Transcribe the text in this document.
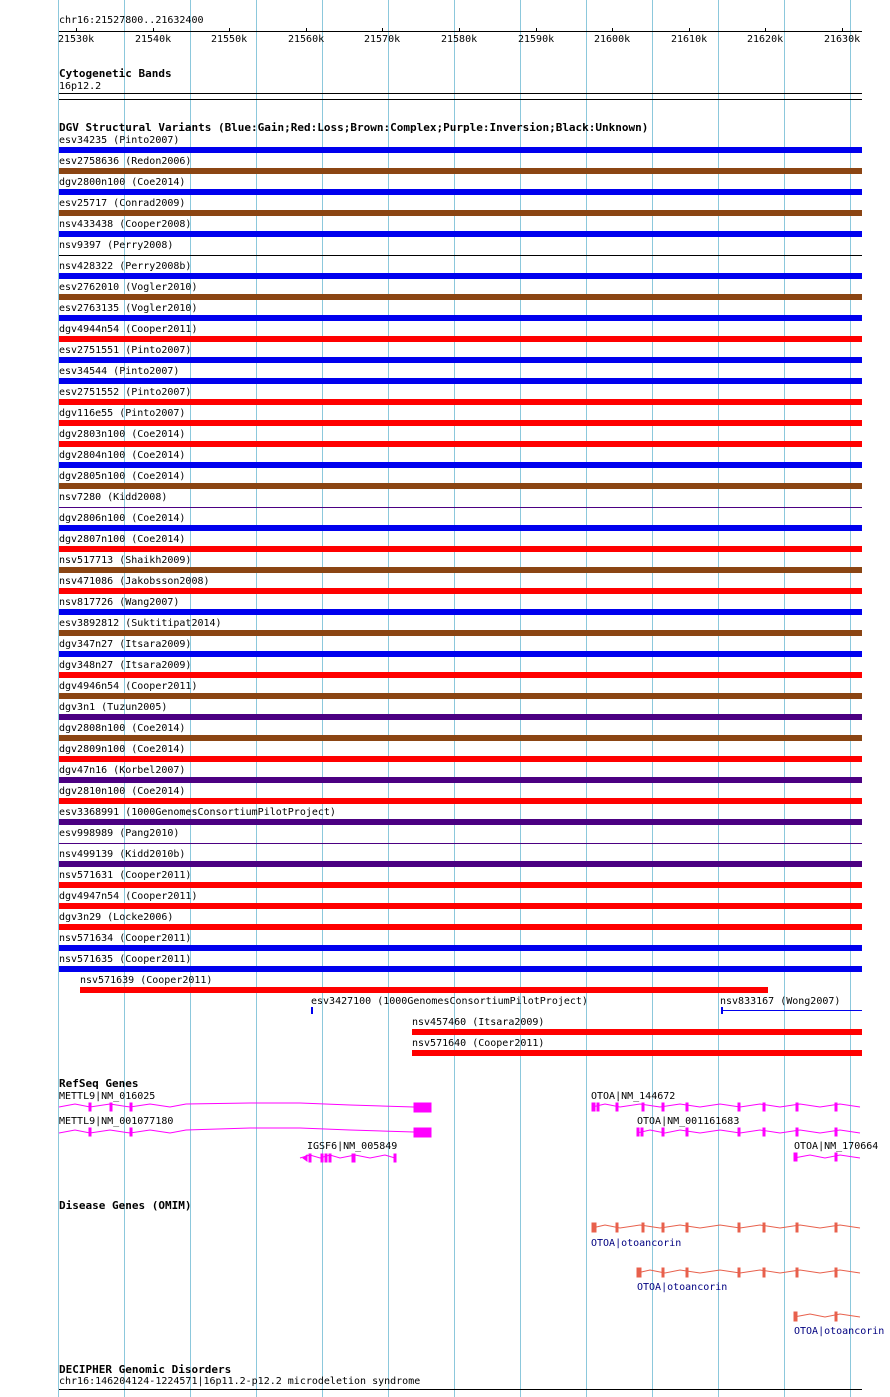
chr16:21527800..21632400
21530k	21540k	21550k	21560k	21570k	21580k	21590k	21600k	21610k	21620k	21630k
Cytogenetic Bands
16p12.2
DGV Structural Variants (Blue:Gain;Red:Loss;Brown:Complex;Purple:Inversion;Black:Unknown)
esv34235 (Pinto2007)
esv2758636 (Redon2006)
dgv2800n100 (Coe2014)
esv25717 (Conrad2009)
nsv433438 (Cooper2008)
nsv9397 (Perry2008)
nsv428322 (Perry2008b)
esv2762010 (Vogler2010)
esv2763135 (Vogler2010)
dgv4944n54 (Cooper2011)
esv2751551 (Pinto2007)
esv34544 (Pinto2007)
esv2751552 (Pinto2007)
dgv116e55 (Pinto2007)
dgv2803n100 (Coe2014)
dgv2804n100 (Coe2014)
dgv2805n100 (Coe2014)
nsv7280 (Kidd2008)
dgv2806n100 (Coe2014)
dgv2807n100 (Coe2014)
nsv517713 (Shaikh2009)
nsv471086 (Jakobsson2008)
nsv817726 (Wang2007)
esv3892812 (Suktitipat2014)
dgv347n27 (Itsara2009)
dgv348n27 (Itsara2009)
dgv4946n54 (Cooper2011)
dgv3n1 (Tuzun2005)
dgv2808n100 (Coe2014)
dgv2809n100 (Coe2014)
dgv47n16 (Korbel2007)
dgv2810n100 (Coe2014)
esv3368991 (1000GenomesConsortiumPilotProject)
esv998989 (Pang2010)
nsv499139 (Kidd2010b)
nsv571631 (Cooper2011)
dgv4947n54 (Cooper2011)
dgv3n29 (Locke2006)
nsv571634 (Cooper2011)
nsv571635 (Cooper2011)
nsv571639 (Cooper2011)
esv3427100 (1000GenomesConsortiumPilotProject)	nsv833167 (Wong2007)
nsv457460 (Itsara2009)
nsv571640 (Cooper2011)
RefSeq Genes
METTL9|NM_016025
METTL9|NM_001077180
IGSF6|NM_005849
OTOA|NM_144672
OTOA|NM_001161683
OTOA|NM_170664
Disease Genes (OMIM)
OTOA|otoancorin
OTOA|otoancorin
OTOA|otoancorin
DECIPHER Genomic Disorders
chr16:146204124-1224571|16p11.2-p12.2 microdeletion syndrome
